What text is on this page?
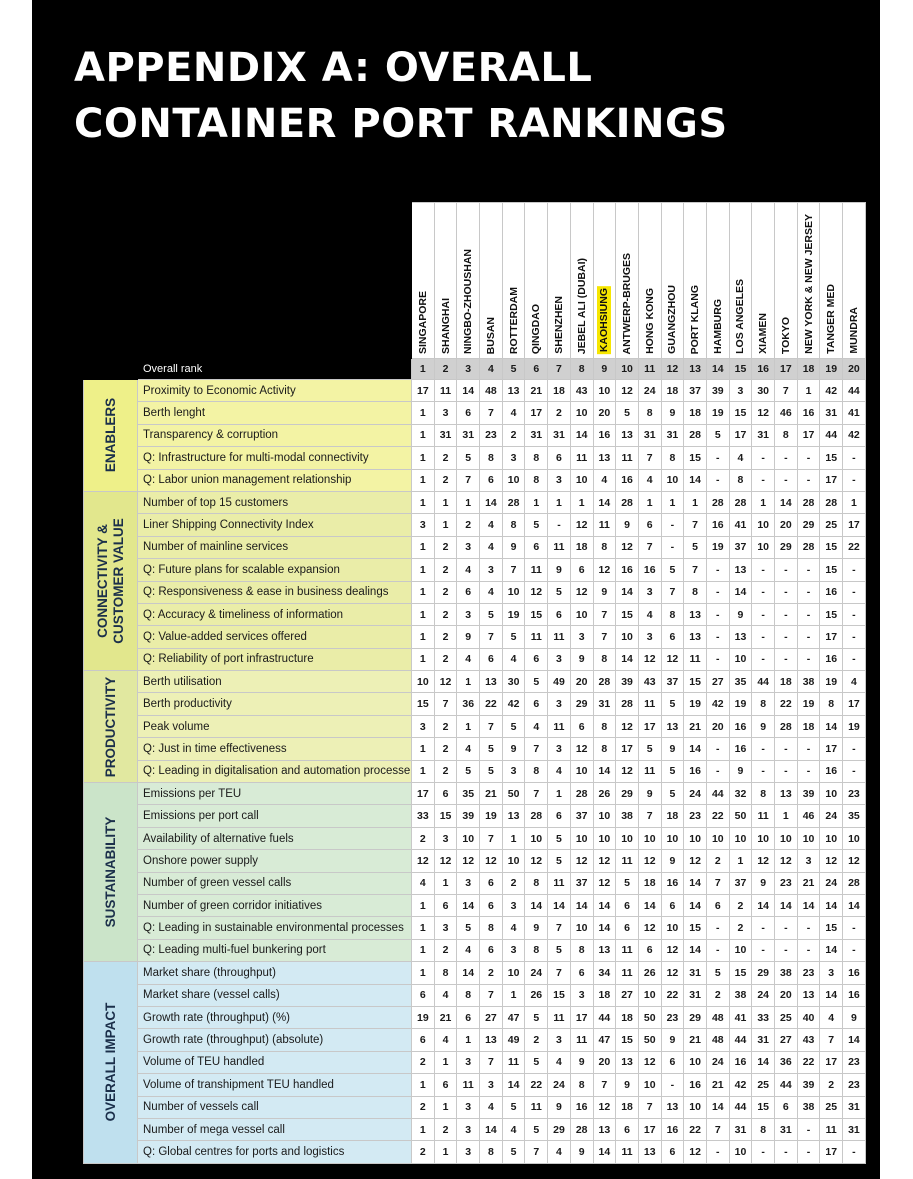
APPENDIX A: OVERALL
CONTAINER PORT RANKINGS

		SINGAPORE	SHANGHAI	NINGBO-ZHOUSHAN	BUSAN	ROTTERDAM	QINGDAO	SHENZHEN	JEBEL ALI (DUBAI)	KAOHSIUNG	ANTWERP-BRUGES	HONG KONG	GUANGZHOU	PORT KLANG	HAMBURG	LOS ANGELES	XIAMEN	TOKYO	NEW YORK & NEW JERSEY	TANGER MED	MUNDRA

	Overall rank	1	2	3	4	5	6	7	8	9	10	11	12	13	14	15	16	17	18	19	20

ENABLERS	Proximity to Economic Activity	17	11	14	48	13	21	18	43	10	12	24	18	37	39	3	30	7	1	42	44
	Berth lenght	1	3	6	7	4	17	2	10	20	5	8	9	18	19	15	12	46	16	31	41
	Transparency & corruption	1	31	31	23	2	31	31	14	16	13	31	31	28	5	17	31	8	17	44	42
	Q: Infrastructure for multi-modal connectivity	1	2	5	8	3	8	6	11	13	11	7	8	15	-	4	-	-	-	15	-
	Q: Labor union management relationship	1	2	7	6	10	8	3	10	4	16	4	10	14	-	8	-	-	-	17	-

CONNECTIVITY &
CUSTOMER VALUE	Number of top 15 customers	1	1	1	14	28	1	1	1	14	28	1	1	1	28	28	1	14	28	28	1
	Liner Shipping Connectivity Index	3	1	2	4	8	5	-	12	11	9	6	-	7	16	41	10	20	29	25	17
	Number of mainline services	1	2	3	4	9	6	11	18	8	12	7	-	5	19	37	10	29	28	15	22
	Q: Future plans for scalable expansion	1	2	4	3	7	11	9	6	12	16	16	5	7	-	13	-	-	-	15	-
	Q: Responsiveness & ease in business dealings	1	2	6	4	10	12	5	12	9	14	3	7	8	-	14	-	-	-	16	-
	Q: Accuracy & timeliness of information	1	2	3	5	19	15	6	10	7	15	4	8	13	-	9	-	-	-	15	-
	Q: Value-added services offered	1	2	9	7	5	11	11	3	7	10	3	6	13	-	13	-	-	-	17	-
	Q: Reliability of port infrastructure	1	2	4	6	4	6	3	9	8	14	12	12	11	-	10	-	-	-	16	-

PRODUCTIVITY	Berth utilisation	10	12	1	13	30	5	49	20	28	39	43	37	15	27	35	44	18	38	19	4
	Berth productivity	15	7	36	22	42	6	3	29	31	28	11	5	19	42	19	8	22	19	8	17
	Peak volume	3	2	1	7	5	4	11	6	8	12	17	13	21	20	16	9	28	18	14	19
	Q: Just in time effectiveness	1	2	4	5	9	7	3	12	8	17	5	9	14	-	16	-	-	-	17	-
	Q: Leading in digitalisation and automation processe	1	2	5	5	3	8	4	10	14	12	11	5	16	-	9	-	-	-	16	-

SUSTAINABILITY	Emissions per TEU	17	6	35	21	50	7	1	28	26	29	9	5	24	44	32	8	13	39	10	23
	Emissions per port call	33	15	39	19	13	28	6	37	10	38	7	18	23	22	50	11	1	46	24	35
	Availability of alternative fuels	2	3	10	7	1	10	5	10	10	10	10	10	10	10	10	10	10	10	10	10
	Onshore power supply	12	12	12	12	10	12	5	12	12	11	12	9	12	2	1	12	12	3	12	12
	Number of green vessel calls	4	1	3	6	2	8	11	37	12	5	18	16	14	7	37	9	23	21	24	28
	Number of green corridor initiatives	1	6	14	6	3	14	14	14	14	6	14	6	14	6	2	14	14	14	14	14
	Q: Leading in sustainable environmental processes	1	3	5	8	4	9	7	10	14	6	12	10	15	-	2	-	-	-	15	-
	Q: Leading multi-fuel bunkering port	1	2	4	6	3	8	5	8	13	11	6	12	14	-	10	-	-	-	14	-

OVERALL IMPACT	Market share (throughput)	1	8	14	2	10	24	7	6	34	11	26	12	31	5	15	29	38	23	3	16
	Market share (vessel calls)	6	4	8	7	1	26	15	3	18	27	10	22	31	2	38	24	20	13	14	16
	Growth rate (throughput) (%)	19	21	6	27	47	5	11	17	44	18	50	23	29	48	41	33	25	40	4	9
	Growth rate (throughput) (absolute)	6	4	1	13	49	2	3	11	47	15	50	9	21	48	44	31	27	43	7	14
	Volume of TEU handled	2	1	3	7	11	5	4	9	20	13	12	6	10	24	16	14	36	22	17	23
	Volume of transhipment TEU handled	1	6	11	3	14	22	24	8	7	9	10	-	16	21	42	25	44	39	2	23
	Number of vessels call	2	1	3	4	5	11	9	16	12	18	7	13	10	14	44	15	6	38	25	31
	Number of mega vessel call	1	2	3	14	4	5	29	28	13	6	17	16	22	7	31	8	31	-	11	31
	Q: Global centres for ports and logistics	2	1	3	8	5	7	4	9	14	11	13	6	12	-	10	-	-	-	17	-
